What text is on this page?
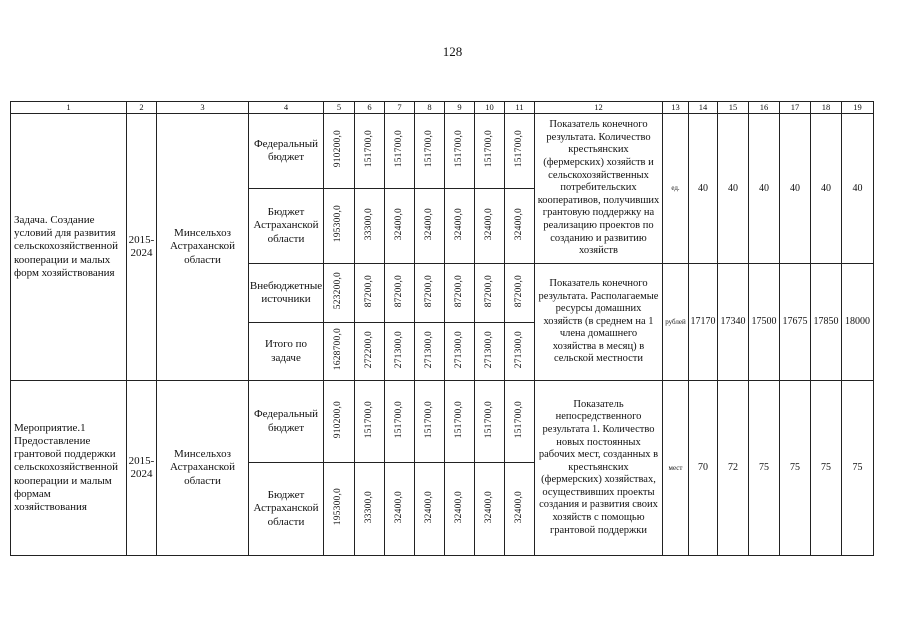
128
1	2	3	4	5	6	7	8	9	10	11	12	13	14	15	16	17	18	19
Задача. Создание условий для развития сельскохозяйственной кооперации и малых форм хозяйствования	2015-2024	Минсельхоз Астраханской области	Федеральный бюджет	910200,0	151700,0	151700,0	151700,0	151700,0	151700,0	151700,0	Показатель конечного результата. Количество крестьянских (фермерских) хозяйств и сельскохозяйственных потребительских кооперативов, получивших грантовую поддержку на реализацию проектов по созданию и развитию хозяйств	ед.	40	40	40	40	40	40
			Бюджет Астраханской области	195300,0	33300,0	32400,0	32400,0	32400,0	32400,0	32400,0								
			Внебюджетные источники	523200,0	87200,0	87200,0	87200,0	87200,0	87200,0	87200,0	Показатель конечного результата. Располагаемые ресурсы домашних хозяйств (в среднем на 1 члена домашнего хозяйства в месяц) в сельской местности	рублей	17170	17340	17500	17675	17850	18000
			Итого по задаче	1628700,0	272200,0	271300,0	271300,0	271300,0	271300,0	271300,0								
Мероприятие.1 Предоставление грантовой поддержки сельскохозяйственной кооперации и малым формам хозяйствования	2015-2024	Минсельхоз Астраханской области	Федеральный бюджет	910200,0	151700,0	151700,0	151700,0	151700,0	151700,0	151700,0	Показатель непосредственного результата 1. Количество новых постоянных рабочих мест, созданных в крестьянских (фермерских) хозяйствах, осуществивших проекты создания и развития своих хозяйств с помощью грантовой поддержки	мест	70	72	75	75	75	75
			Бюджет Астраханской области	195300,0	33300,0	32400,0	32400,0	32400,0	32400,0	32400,0								
